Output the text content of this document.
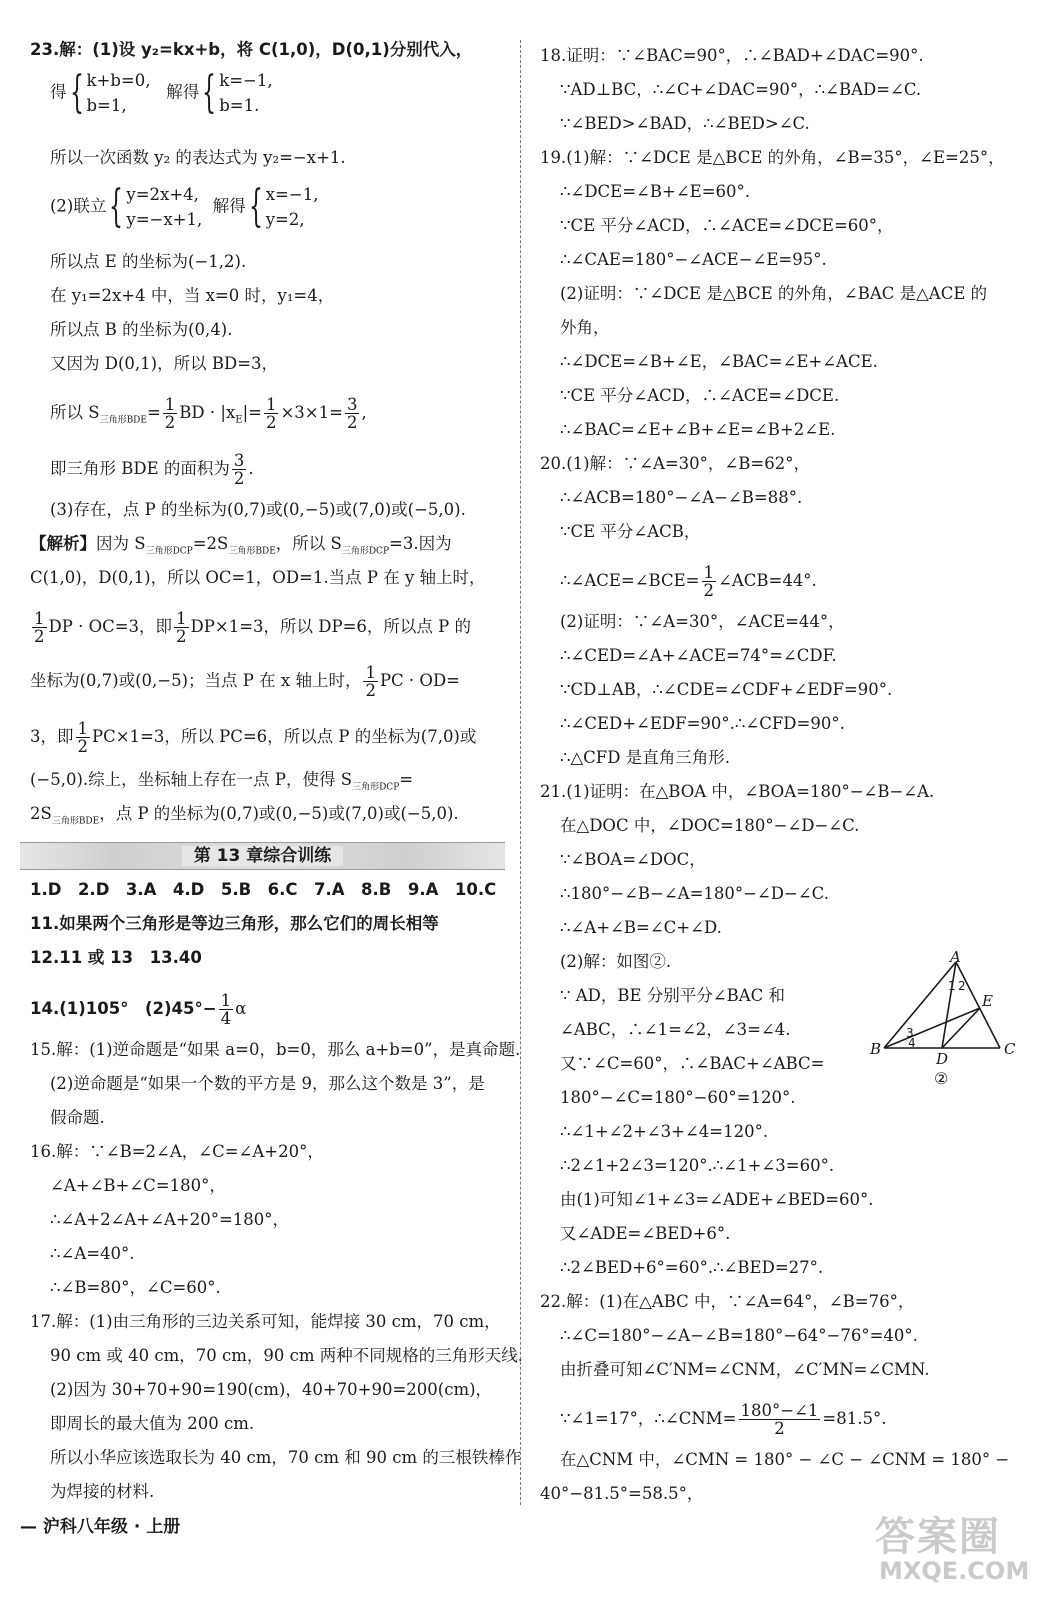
23.解：(1)设 y₂=kx+b，将 C(1,0)，D(0,1)分别代入，
得{ k+b=0,
b=1,
解得{ k=−1,
b=1.
所以一次函数 y₂ 的表达式为 y₂=−x+1.
(2)联立{ y=2x+4,
y=−x+1,
解得{ x=−1,
y=2,
所以点 E 的坐标为(−1,2).
在 y₁=2x+4 中，当 x=0 时，y₁=4，
所以点 B 的坐标为(0,4).
又因为 D(0,1)，所以 BD=3，
所以 $S_{三角形BDE}= \frac{1}{2}$ BD · $|x_E|= \frac{1}{2} \times 3\times 1= \frac{3}{2}$ ,
即三角形 BDE 的面积为 $\frac{3}{2}$ .
(3)存在，点 P 的坐标为(0,7)或(0,−5)或(7,0)或(−5,0).
【解析】因为 $S_{三角形DCP}=2S_{三角形BDE}$，所以 $S_{三角形DCP}=3$.因为
C(1,0)，D(0,1)，所以 OC=1，OD=1.当点 P 在 y 轴上时，
$\frac{1}{2}$ DP · OC=3，即 $\frac{1}{2} DP\times 1=3$，所以 DP=6，所以点 P 的
坐标为(0,7)或(0,−5)；当点 P 在 x 轴上时， $\frac{1}{2}$ PC · OD=
3，即 $\frac{1}{2} PC\times 1=3$，所以 PC=6，所以点 P 的坐标为(7,0)或
(−5,0).综上，坐标轴上存在一点 P，使得 $S_{三角形DCP}=$
$2S_{三角形BDE}$，点 P 的坐标为(0,7)或(0,−5)或(7,0)或(−5,0).
第 13 章综合训练
1.D　2.D　3.A　4.D　5.B　6.C　7.A　8.B　9.A　10.C
11.如果两个三角形是等边三角形，那么它们的周长相等
12.11 或 13　13.40
14.(1)105°　$(2)45^\circ- \frac{1}{4}$ α
15.解：(1)逆命题是“如果 a=0，b=0，那么 a+b=0”，是真命题.
(2)逆命题是“如果一个数的平方是 9，那么这个数是 3”，是
假命题.
16.解：∵∠B=2∠A，∠C=∠A+20°，
∠A+∠B+∠C=180°，
∴∠A+2∠A+∠A+20°=180°，
∴∠A=40°.
∴∠B=80°，∠C=60°.
17.解：(1)由三角形的三边关系可知，能焊接 30 cm，70 cm，
90 cm 或 40 cm，70 cm，90 cm 两种不同规格的三角形天线.
(2)因为 30+70+90=190(cm)，40+70+90=200(cm)，
即周长的最大值为 200 cm.
所以小华应该选取长为 40 cm，70 cm 和 90 cm 的三根铁棒作
为焊接的材料.
18.证明：∵∠BAC=90°，∴∠BAD+∠DAC=90°.
∵AD⊥BC，∴∠C+∠DAC=90°，∴∠BAD=∠C.
∵∠BED>∠BAD，∴∠BED>∠C.
19.(1)解：∵∠DCE 是△BCE 的外角，∠B=35°，∠E=25°，
∴∠DCE=∠B+∠E=60°.
∵CE 平分∠ACD，∴∠ACE=∠DCE=60°，
∴∠CAE=180°−∠ACE−∠E=95°.
(2)证明：∵∠DCE 是△BCE 的外角，∠BAC 是△ACE 的
外角，
∴∠DCE=∠B+∠E，∠BAC=∠E+∠ACE.
∵CE 平分∠ACD，∴∠ACE=∠DCE.
∴∠BAC=∠E+∠B+∠E=∠B+2∠E.
20.(1)解：∵∠A=30°，∠B=62°，
∴∠ACB=180°−∠A−∠B=88°.
∵CE 平分∠ACB，
∴∠ACE=∠BCE= $\frac{1}{2}$ ∠ACB=44°.
(2)证明：∵∠A=30°，∠ACE=44°，
∴∠CED=∠A+∠ACE=74°=∠CDF.
∵CD⊥AB，∴∠CDE=∠CDF+∠EDF=90°.
∴∠CED+∠EDF=90°.∴∠CFD=90°.
∴△CFD 是直角三角形.
21.(1)证明：在△BOA 中，∠BOA=180°−∠B−∠A.
在△DOC 中，∠DOC=180°−∠D−∠C.
∵∠BOA=∠DOC，
∴180°−∠B−∠A=180°−∠D−∠C.
∴∠A+∠B=∠C+∠D.
(2)解：如图②.
∵ AD，BE 分别平分∠BAC 和
∠ABC，∴∠1=∠2，∠3=∠4.
又∵∠C=60°，∴∠BAC+∠ABC=
180°−∠C=180°−60°=120°.
∴∠1+∠2+∠3+∠4=120°.
∴2∠1+2∠3=120°.∴∠1+∠3=60°.
由(1)可知∠1+∠3=∠ADE+∠BED=60°.
又∠ADE=∠BED+6°.
∴2∠BED+6°=60°.∴∠BED=27°.
22.解：(1)在△ABC 中，∵∠A=64°，∠B=76°，
∴∠C=180°−∠A−∠B=180°−64°−76°=40°.
由折叠可知∠C′NM=∠CNM，∠C′MN=∠CMN.
∵∠1=17°，∴∠CNM= $\frac{180^\circ-\angle 1}{2} =81.5^\circ$.
在△CNM 中，∠CMN = 180° − ∠C − ∠CNM = 180° −
40°−81.5°=58.5°，
A
B	C
D
E
1 2
3
4
②
— 沪科八年级 · 上册	答案圈
MXQE.COM
